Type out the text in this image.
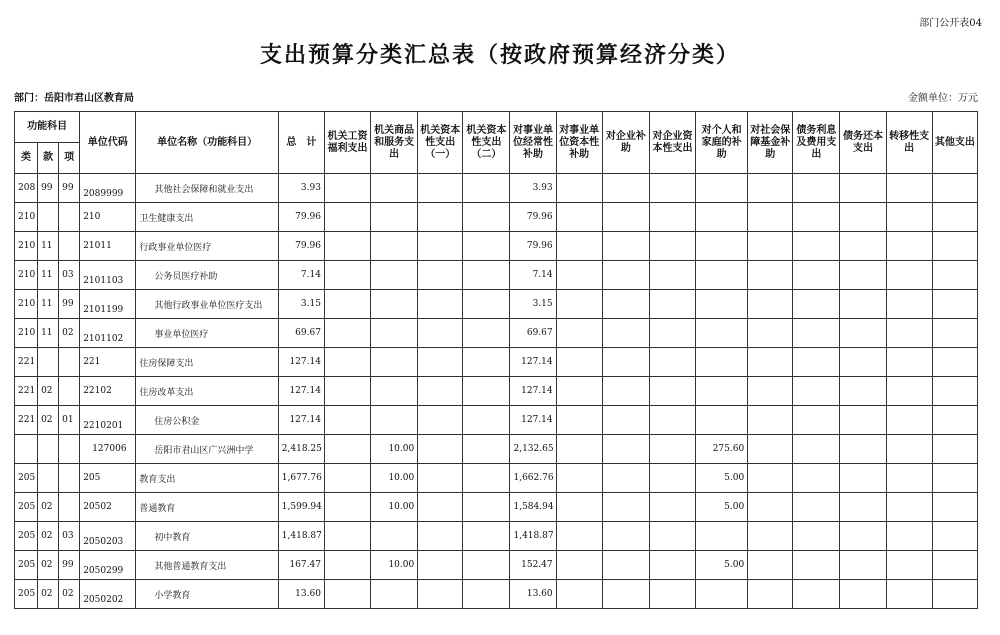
部门公开表04
支出预算分类汇总表（按政府预算经济分类）
部门：岳阳市君山区教育局	金额单位：万元
功能科目			单位代码	单位名称（功能科目）	总　计	机关工资福利支出	机关商品和服务支出	机关资本性支出（一）	机关资本性支出（二）	对事业单位经常性补助	对事业单位资本性补助	对企业补助	对企业资本性支出	对个人和家庭的补助	对社会保障基金补助	债务利息及费用支出	债务还本支出	转移性支出	其他支出
类	款	项																	
208	99	99	2089999	其他社会保障和就业支出	3.93					3.93									
210			210	卫生健康支出	79.96					79.96									
210	11		21011	行政事业单位医疗	79.96					79.96									
210	11	03	2101103	公务员医疗补助	7.14					7.14									
210	11	99	2101199	其他行政事业单位医疗支出	3.15					3.15									
210	11	02	2101102	事业单位医疗	69.67					69.67									
221			221	住房保障支出	127.14					127.14									
221	02		22102	住房改革支出	127.14					127.14									
221	02	01	2210201	住房公积金	127.14					127.14									
			127006	岳阳市君山区广兴洲中学	2,418.25		10.00			2,132.65				275.60					
205			205	教育支出	1,677.76		10.00			1,662.76				5.00					
205	02		20502	普通教育	1,599.94		10.00			1,584.94				5.00					
205	02	03	2050203	初中教育	1,418.87					1,418.87									
205	02	99	2050299	其他普通教育支出	167.47		10.00			152.47				5.00					
205	02	02	2050202	小学教育	13.60					13.60									
